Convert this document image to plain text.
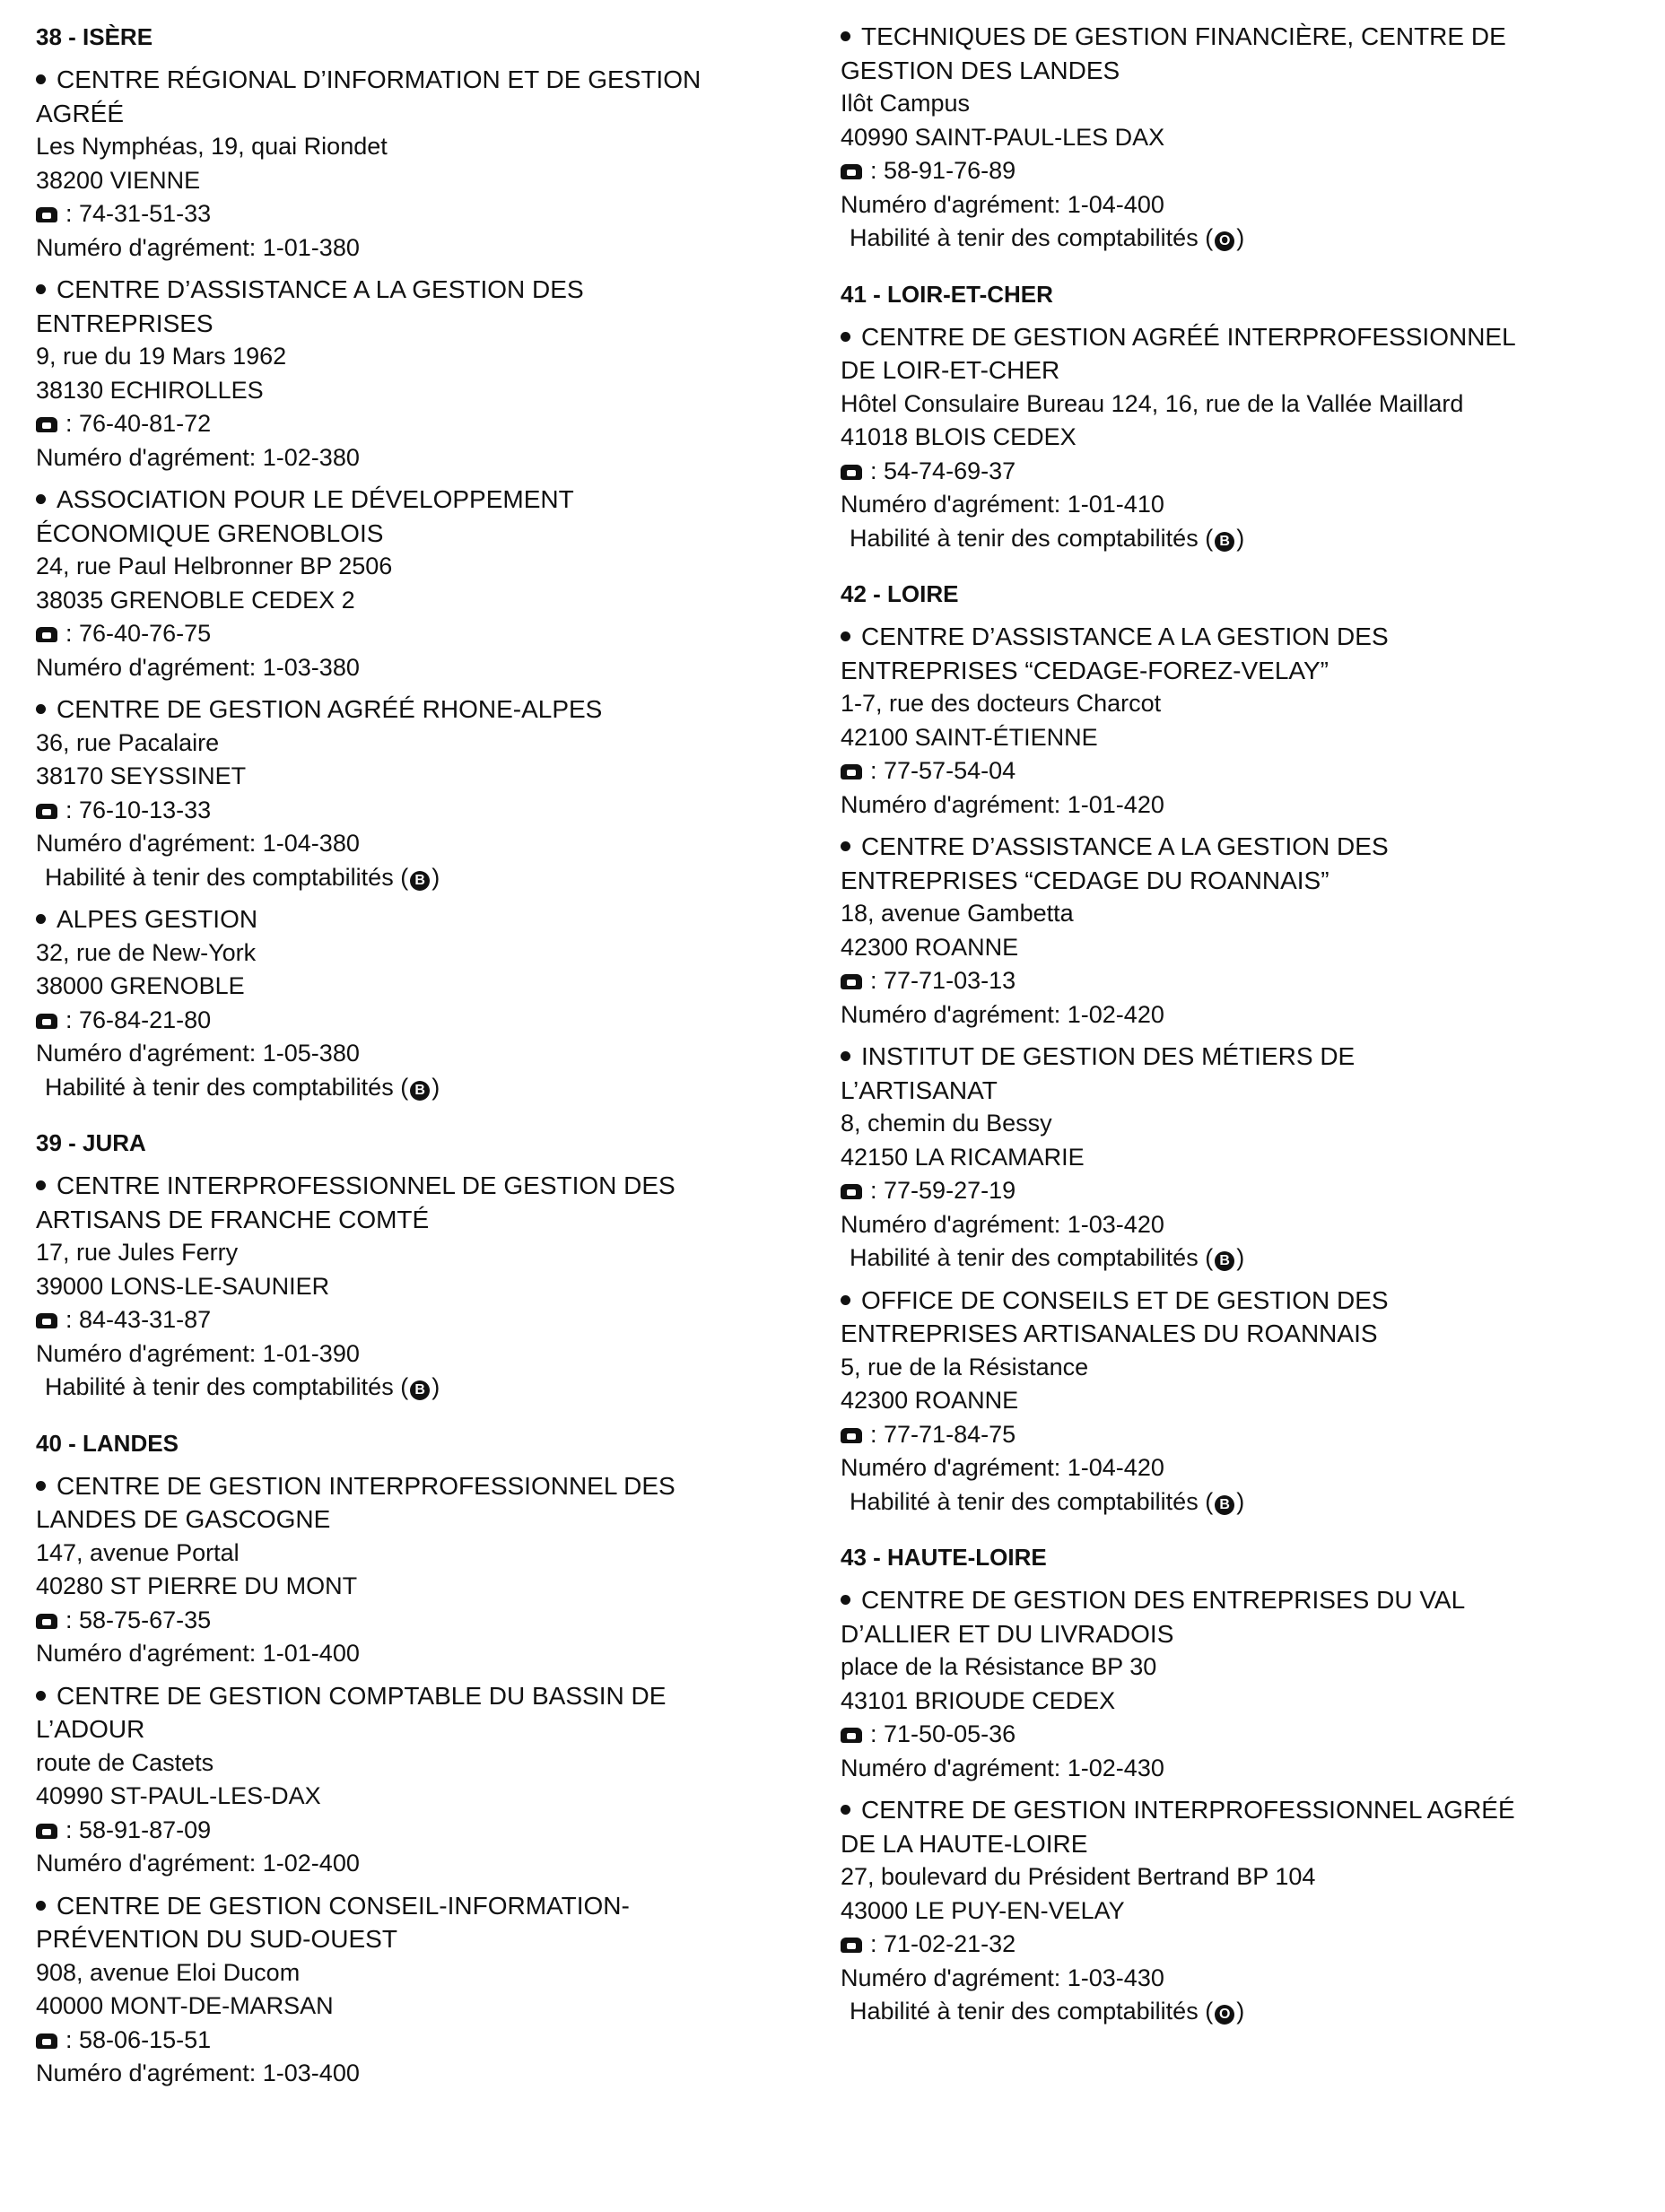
38 - ISÈRE
CENTRE RÉGIONAL D’INFORMATION ET DE GESTION
AGRÉÉ
Les Nymphéas, 19, quai Riondet
38200 VIENNE
: 74-31-51-33
Numéro d'agrément: 1-01-380
CENTRE D’ASSISTANCE A LA GESTION DES
ENTREPRISES
9, rue du 19 Mars 1962
38130 ECHIROLLES
: 76-40-81-72
Numéro d'agrément: 1-02-380
ASSOCIATION POUR LE DÉVELOPPEMENT
ÉCONOMIQUE GRENOBLOIS
24, rue Paul Helbronner BP 2506
38035 GRENOBLE CEDEX 2
: 76-40-76-75
Numéro d'agrément: 1-03-380
CENTRE DE GESTION AGRÉÉ RHONE-ALPES
36, rue Pacalaire
38170 SEYSSINET
: 76-10-13-33
Numéro d'agrément: 1-04-380
Habilité à tenir des comptabilités ( B )
ALPES GESTION
32, rue de New-York
38000 GRENOBLE
: 76-84-21-80
Numéro d'agrément: 1-05-380
Habilité à tenir des comptabilités ( B )
39 - JURA
CENTRE INTERPROFESSIONNEL DE GESTION DES
ARTISANS DE FRANCHE COMTÉ
17, rue Jules Ferry
39000 LONS-LE-SAUNIER
: 84-43-31-87
Numéro d'agrément: 1-01-390
Habilité à tenir des comptabilités ( B )
40 - LANDES
CENTRE DE GESTION INTERPROFESSIONNEL DES
LANDES DE GASCOGNE
147, avenue Portal
40280 ST PIERRE DU MONT
: 58-75-67-35
Numéro d'agrément: 1-01-400
CENTRE DE GESTION COMPTABLE DU BASSIN DE
L’ADOUR
route de Castets
40990 ST-PAUL-LES-DAX
: 58-91-87-09
Numéro d'agrément: 1-02-400
CENTRE DE GESTION CONSEIL-INFORMATION-
PRÉVENTION DU SUD-OUEST
908, avenue Eloi Ducom
40000 MONT-DE-MARSAN
: 58-06-15-51
Numéro d'agrément: 1-03-400
TECHNIQUES DE GESTION FINANCIÈRE, CENTRE DE
GESTION DES LANDES
Ilôt Campus
40990 SAINT-PAUL-LES DAX
: 58-91-76-89
Numéro d'agrément: 1-04-400
Habilité à tenir des comptabilités ( O )
41 - LOIR-ET-CHER
CENTRE DE GESTION AGRÉÉ INTERPROFESSIONNEL
DE LOIR-ET-CHER
Hôtel Consulaire Bureau 124, 16, rue de la Vallée Maillard
41018 BLOIS CEDEX
: 54-74-69-37
Numéro d'agrément: 1-01-410
Habilité à tenir des comptabilités ( B )
42 - LOIRE
CENTRE D’ASSISTANCE A LA GESTION DES
ENTREPRISES “CEDAGE-FOREZ-VELAY”
1-7, rue des docteurs Charcot
42100 SAINT-ÉTIENNE
: 77-57-54-04
Numéro d'agrément: 1-01-420
CENTRE D’ASSISTANCE A LA GESTION DES
ENTREPRISES “CEDAGE DU ROANNAIS”
18, avenue Gambetta
42300 ROANNE
: 77-71-03-13
Numéro d'agrément: 1-02-420
INSTITUT DE GESTION DES MÉTIERS DE
L’ARTISANAT
8, chemin du Bessy
42150 LA RICAMARIE
: 77-59-27-19
Numéro d'agrément: 1-03-420
Habilité à tenir des comptabilités ( B )
OFFICE DE CONSEILS ET DE GESTION DES
ENTREPRISES ARTISANALES DU ROANNAIS
5, rue de la Résistance
42300 ROANNE
: 77-71-84-75
Numéro d'agrément: 1-04-420
Habilité à tenir des comptabilités ( B )
43 - HAUTE-LOIRE
CENTRE DE GESTION DES ENTREPRISES DU VAL
D’ALLIER ET DU LIVRADOIS
place de la Résistance BP 30
43101 BRIOUDE CEDEX
: 71-50-05-36
Numéro d'agrément: 1-02-430
CENTRE DE GESTION INTERPROFESSIONNEL AGRÉÉ
DE LA HAUTE-LOIRE
27, boulevard du Président Bertrand BP 104
43000 LE PUY-EN-VELAY
: 71-02-21-32
Numéro d'agrément: 1-03-430
Habilité à tenir des comptabilités ( O )
